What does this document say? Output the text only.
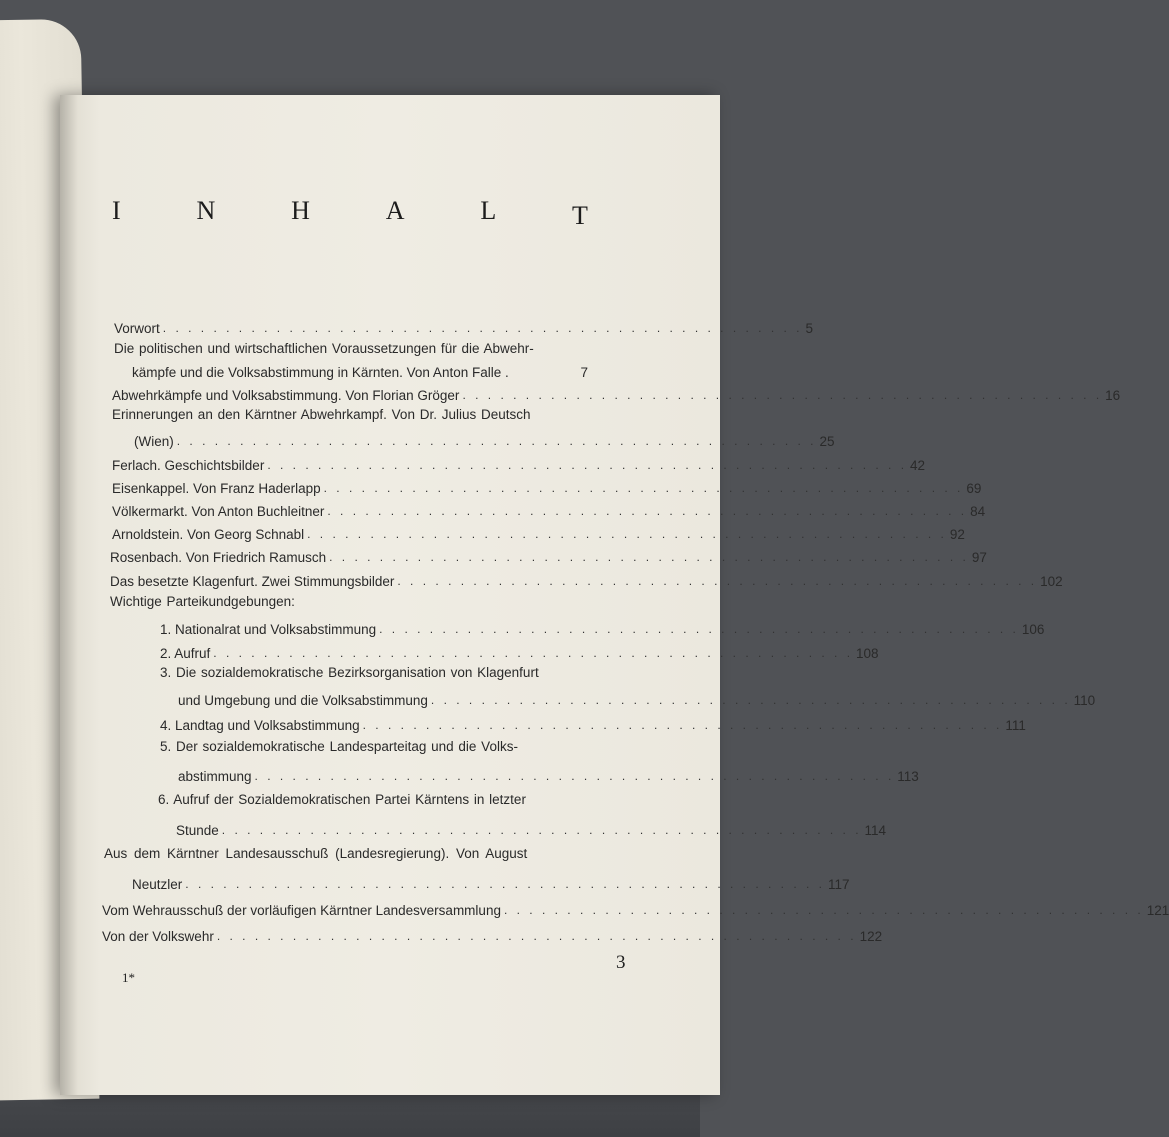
I	N	H	A	L	T
Vorwort . . . . . . . . . . . . . . . . . . . . . . . . . . . . . . . . . . . . . . . . . . . . . . . . . . . 5
Die politischen und wirtschaftlichen Voraussetzungen für die Abwehr-
kämpfe und die Volksabstimmung in Kärnten. Von Anton Falle .	7
Abwehrkämpfe und Volksabstimmung. Von Florian Gröger . . . . . . . . . . . . . . . . . . . . . . . . . . . . . . . . . . . . . . . . . . . . . . . . . . . 16
Erinnerungen an den Kärntner Abwehrkampf. Von Dr. Julius Deutsch
(Wien) . . . . . . . . . . . . . . . . . . . . . . . . . . . . . . . . . . . . . . . . . . . . . . . . . . . 25
Ferlach. Geschichtsbilder . . . . . . . . . . . . . . . . . . . . . . . . . . . . . . . . . . . . . . . . . . . . . . . . . . . 42
Eisenkappel. Von Franz Haderlapp . . . . . . . . . . . . . . . . . . . . . . . . . . . . . . . . . . . . . . . . . . . . . . . . . . . 69
Völkermarkt. Von Anton Buchleitner . . . . . . . . . . . . . . . . . . . . . . . . . . . . . . . . . . . . . . . . . . . . . . . . . . . 84
Arnoldstein. Von Georg Schnabl . . . . . . . . . . . . . . . . . . . . . . . . . . . . . . . . . . . . . . . . . . . . . . . . . . . 92
Rosenbach. Von Friedrich Ramusch . . . . . . . . . . . . . . . . . . . . . . . . . . . . . . . . . . . . . . . . . . . . . . . . . . . 97
Das besetzte Klagenfurt. Zwei Stimmungsbilder . . . . . . . . . . . . . . . . . . . . . . . . . . . . . . . . . . . . . . . . . . . . . . . . . . . 102
Wichtige Parteikundgebungen:
1. Nationalrat und Volksabstimmung . . . . . . . . . . . . . . . . . . . . . . . . . . . . . . . . . . . . . . . . . . . . . . . . . . . 106
2. Aufruf . . . . . . . . . . . . . . . . . . . . . . . . . . . . . . . . . . . . . . . . . . . . . . . . . . . 108
3. Die sozialdemokratische Bezirksorganisation von Klagenfurt
und Umgebung und die Volksabstimmung . . . . . . . . . . . . . . . . . . . . . . . . . . . . . . . . . . . . . . . . . . . . . . . . . . . 110
4. Landtag und Volksabstimmung . . . . . . . . . . . . . . . . . . . . . . . . . . . . . . . . . . . . . . . . . . . . . . . . . . . 111
5. Der sozialdemokratische Landesparteitag und die Volks-
abstimmung . . . . . . . . . . . . . . . . . . . . . . . . . . . . . . . . . . . . . . . . . . . . . . . . . . . 113
6. Aufruf der Sozialdemokratischen Partei Kärntens in letzter
Stunde . . . . . . . . . . . . . . . . . . . . . . . . . . . . . . . . . . . . . . . . . . . . . . . . . . . 114
Aus dem Kärntner Landesausschuß (Landesregierung). Von August
Neutzler . . . . . . . . . . . . . . . . . . . . . . . . . . . . . . . . . . . . . . . . . . . . . . . . . . . 117
Vom Wehrausschuß der vorläufigen Kärntner Landesversammlung . . . . . . . . . . . . . . . . . . . . . . . . . . . . . . . . . . . . . . . . . . . . . . . . . . . 121
Von der Volkswehr . . . . . . . . . . . . . . . . . . . . . . . . . . . . . . . . . . . . . . . . . . . . . . . . . . . 122
3
1*
